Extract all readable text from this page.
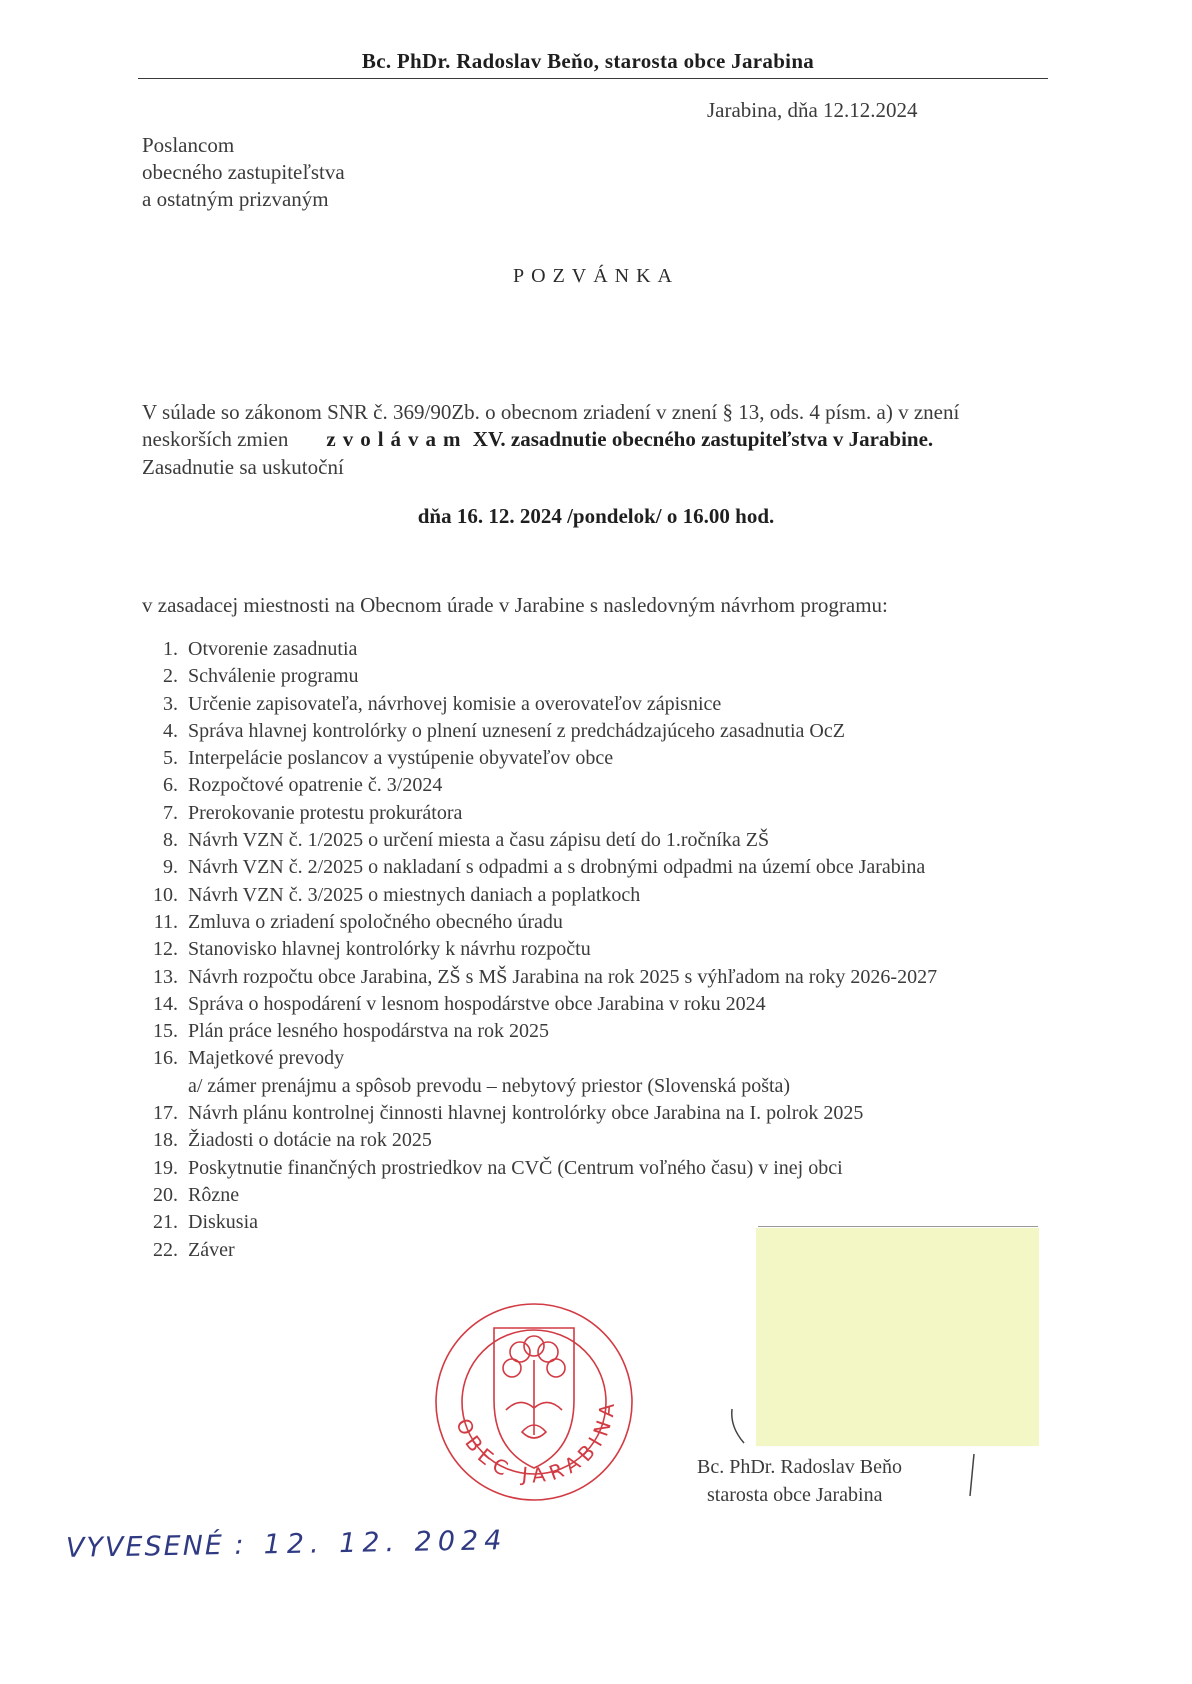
Bc. PhDr. Radoslav Beňo, starosta obce Jarabina
Jarabina, dňa 12.12.2024
Poslancom
obecného zastupiteľstva
a ostatným prizvaným
POZVÁNKA
V súlade so zákonom SNR č. 369/90Zb. o obecnom zriadení v znení § 13, ods. 4 písm. a) v znení
neskorších zmien zvolávam XV. zasadnutie obecného zastupiteľstva v Jarabine.
Zasadnutie sa uskutoční
dňa 16. 12. 2024 /pondelok/ o 16.00 hod.
v zasadacej miestnosti na Obecnom úrade v Jarabine s nasledovným návrhom programu:
1. Otvorenie zasadnutia
2. Schválenie programu
3. Určenie zapisovateľa, návrhovej komisie a overovateľov zápisnice
4. Správa hlavnej kontrolórky o plnení uznesení z predchádzajúceho zasadnutia OcZ
5. Interpelácie poslancov a vystúpenie obyvateľov obce
6. Rozpočtové opatrenie č. 3/2024
7. Prerokovanie protestu prokurátora
8. Návrh VZN č. 1/2025 o určení miesta a času zápisu detí do 1.ročníka ZŠ
9. Návrh VZN č. 2/2025 o nakladaní s odpadmi a s drobnými odpadmi na území obce Jarabina
10. Návrh VZN č. 3/2025 o miestnych daniach a poplatkoch
11. Zmluva o zriadení spoločného obecného úradu
12. Stanovisko hlavnej kontrolórky k návrhu rozpočtu
13. Návrh rozpočtu obce Jarabina, ZŠ s MŠ Jarabina na rok 2025 s výhľadom na roky 2026-2027
14. Správa o hospodárení v lesnom hospodárstve obce Jarabina v roku 2024
15. Plán práce lesného hospodárstva na rok 2025
16. Majetkové prevody
a/ zámer prenájmu a spôsob prevodu – nebytový priestor (Slovenská pošta)
17. Návrh plánu kontrolnej činnosti hlavnej kontrolórky obce Jarabina na I. polrok 2025
18. Žiadosti o dotácie na rok 2025
19. Poskytnutie finančných prostriedkov na CVČ (Centrum voľného času) v inej obci
20. Rôzne
21. Diskusia
22. Záver
OBEC JARABINA
Bc. PhDr. Radoslav Beňo
starosta obce Jarabina
VYVESENÉ : 12. 12. 2024
